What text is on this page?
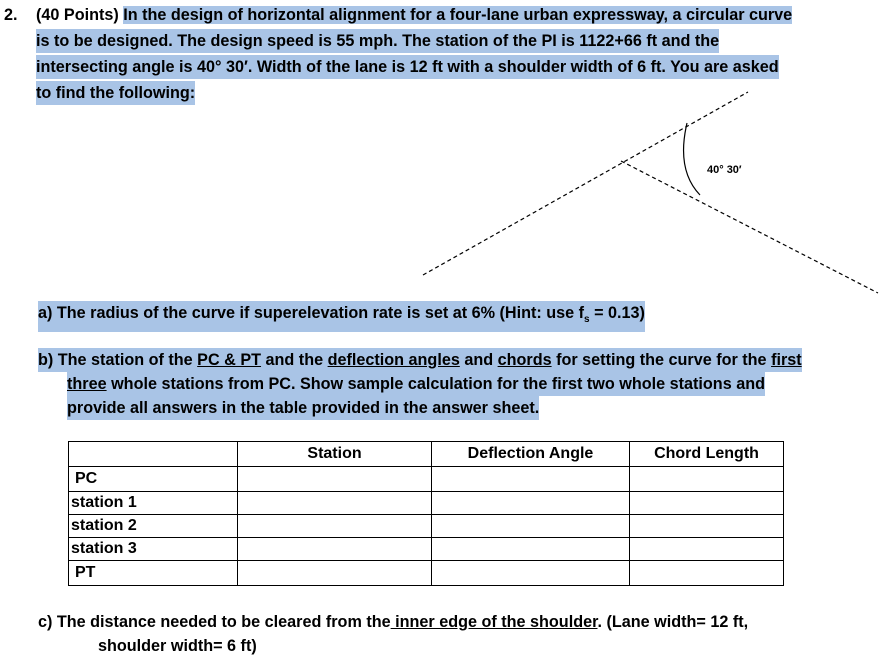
2. (40 Points) In the design of horizontal alignment for a four-lane urban expressway, a circular curve
is to be designed. The design speed is 55 mph. The station of the PI is 1122+66 ft and the
intersecting angle is 40° 30′. Width of the lane is 12 ft with a shoulder width of 6 ft. You are asked
to find the following:
40° 30′
a) The radius of the curve if superelevation rate is set at 6% (Hint: use $f_s = 0.13$)
b) The station of the PC & PT and the deflection angles and chords for setting the curve for the first
three whole stations from PC. Show sample calculation for the first two whole stations and
provide all answers in the table provided in the answer sheet.
	Station	Deflection Angle	Chord Length
PC			
station 1			
station 2			
station 3			
PT			
c) The distance needed to be cleared from the inner edge of the shoulder. (Lane width= 12 ft,
shoulder width= 6 ft)
